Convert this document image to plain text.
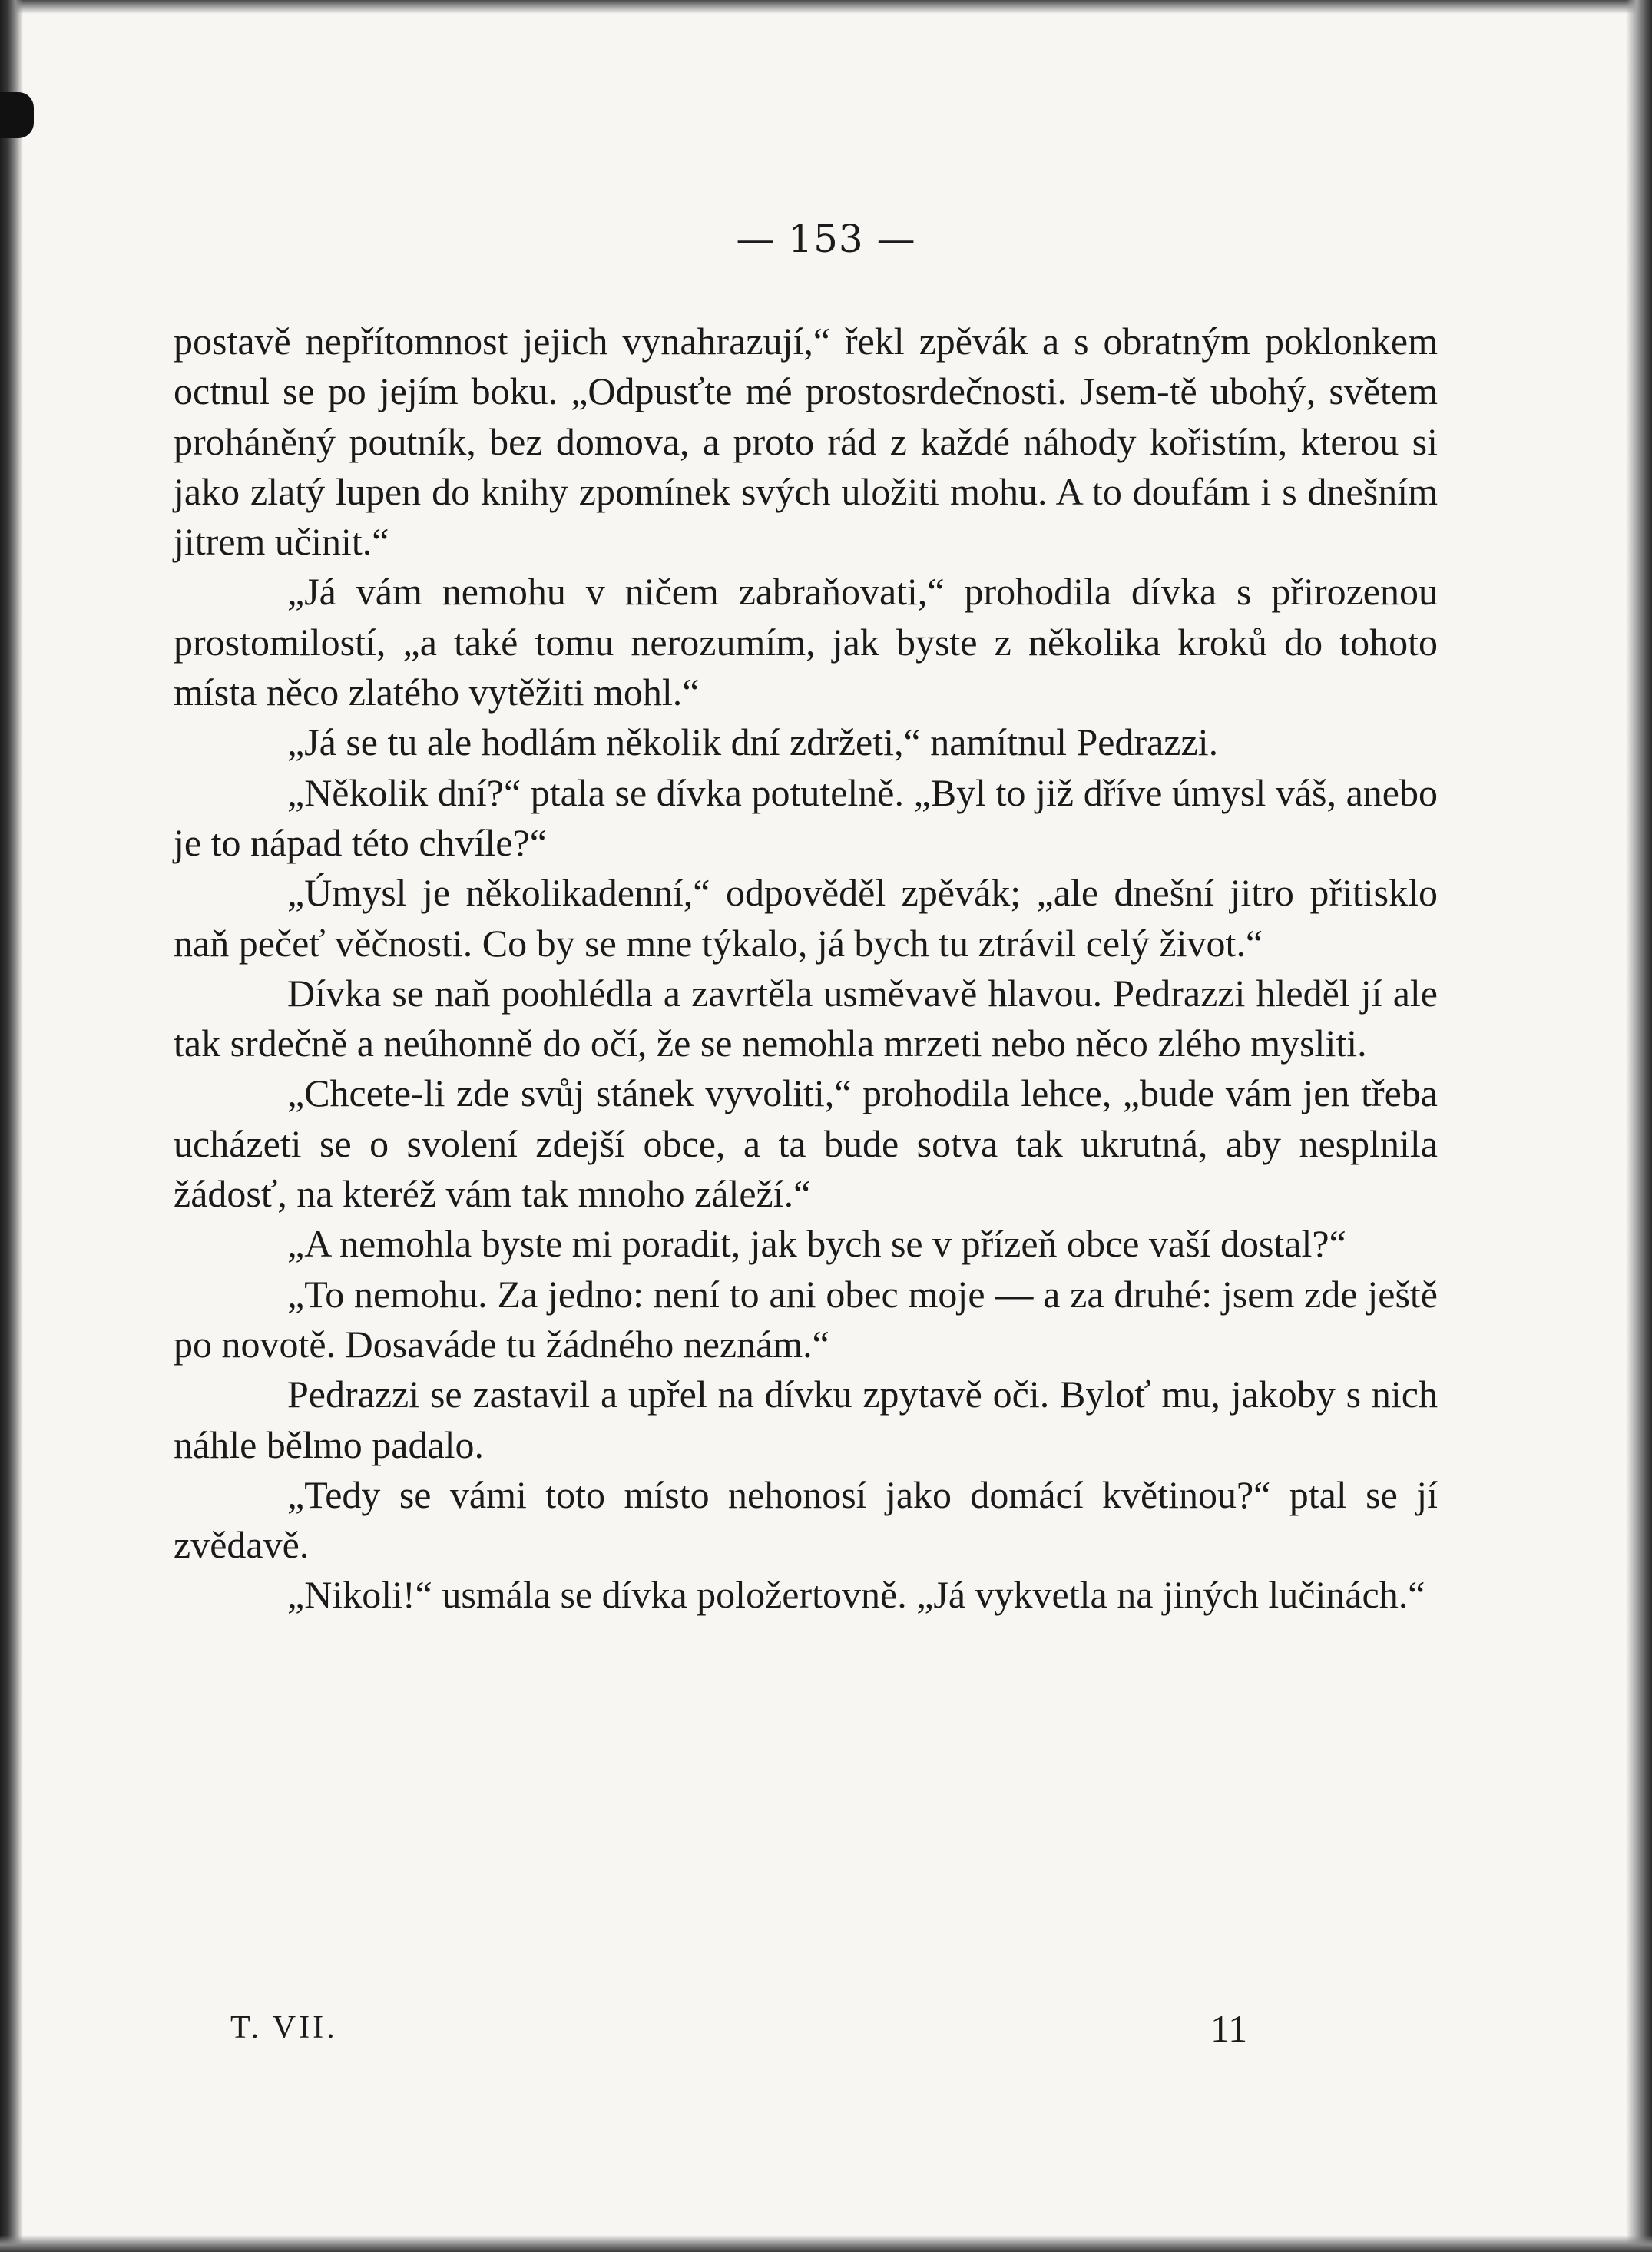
— 153 —

postavě nepřítomnost jejich vynahrazují,“ řekl zpěvák a s obratným poklonkem octnul se po jejím boku. „Odpusťte mé prostosrdečnosti. Jsem-tě ubohý, světem proháněný poutník, bez domova, a proto rád z každé náhody kořistím, kterou si jako zlatý lupen do knihy zpomínek svých uložiti mohu. A to doufám i s dnešním jitrem učinit.“

„Já vám nemohu v ničem zabraňovati,“ prohodila dívka s přirozenou prostomilostí, „a také tomu nerozumím, jak byste z několika kroků do tohoto místa něco zlatého vytěžiti mohl.“

„Já se tu ale hodlám několik dní zdržeti,“ namítnul Pedrazzi.

„Několik dní?“ ptala se dívka potutelně. „Byl to již dříve úmysl váš, anebo je to nápad této chvíle?“

„Úmysl je několikadenní,“ odpověděl zpěvák; „ale dnešní jitro přitisklo naň pečeť věčnosti. Co by se mne týkalo, já bych tu ztrávil celý život.“

Dívka se naň poohlédla a zavrtěla usměvavě hlavou. Pedrazzi hleděl jí ale tak srdečně a neúhonně do očí, že se nemohla mrzeti nebo něco zlého mysliti.

„Chcete-li zde svůj stánek vyvoliti,“ prohodila lehce, „bude vám jen třeba ucházeti se o svolení zdejší obce, a ta bude sotva tak ukrutná, aby nesplnila žádosť, na kteréž vám tak mnoho záleží.“

„A nemohla byste mi poradit, jak bych se v přízeň obce vaší dostal?“

„To nemohu. Za jedno: není to ani obec moje — a za druhé: jsem zde ještě po novotě. Dosaváde tu žádného neznám.“

Pedrazzi se zastavil a upřel na dívku zpytavě oči. Byloť mu, jakoby s nich náhle bělmo padalo.

„Tedy se vámi toto místo nehonosí jako domácí květinou?“ ptal se jí zvědavě.

„Nikoli!“ usmála se dívka položertovně. „Já vykvetla na jiných lučinách.“

T. VII.	11
